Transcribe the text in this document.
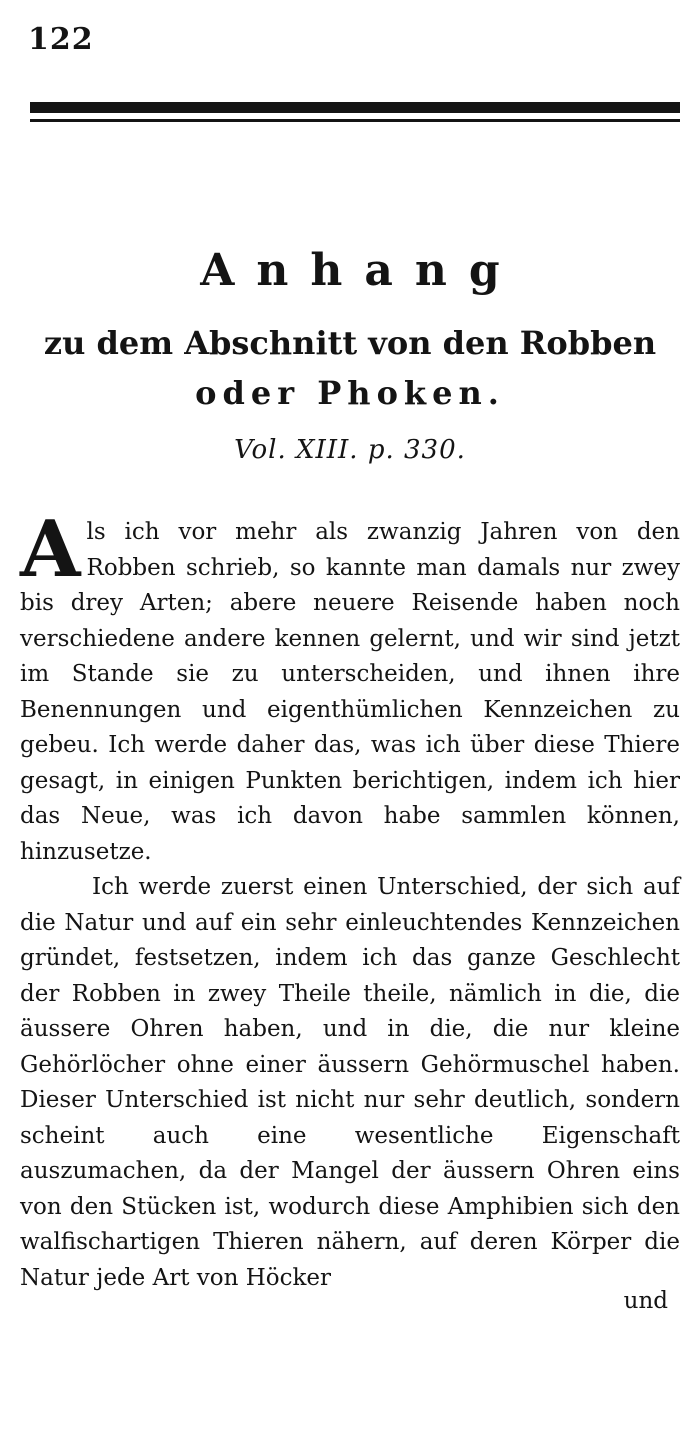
122
Anhang
zu dem Abschnitt von den Robben
oder Phoken.
Vol. XIII. p. 330.

A ls ich vor mehr als zwanzig Jahren von den Robben schrieb, so kannte man damals nur zwey bis drey Arten; abere neuere Reisende haben noch verschiedene andere kennen gelernt, und wir sind jetzt im Stande sie zu unterscheiden, und ihnen ihre Benennungen und eigenthümlichen Kennzeichen zu gebeu. Ich werde daher das, was ich über diese Thiere gesagt, in einigen Punkten berichtigen, indem ich hier das Neue, was ich davon habe sammlen können, hinzusetze.

Ich werde zuerst einen Unterschied, der sich auf die Natur und auf ein sehr einleuchtendes Kennzeichen gründet, festsetzen, indem ich das ganze Geschlecht der Robben in zwey Theile theile, nämlich in die, die äussere Ohren haben, und in die, die nur kleine Gehörlöcher ohne einer äussern Gehörmuschel haben. Dieser Unterschied ist nicht nur sehr deutlich, sondern scheint auch eine wesentliche Eigenschaft auszumachen, da der Mangel der äussern Ohren eins von den Stücken ist, wodurch diese Amphibien sich den walfischartigen Thieren nähern, auf deren Körper die Natur jede Art von Höcker

und
